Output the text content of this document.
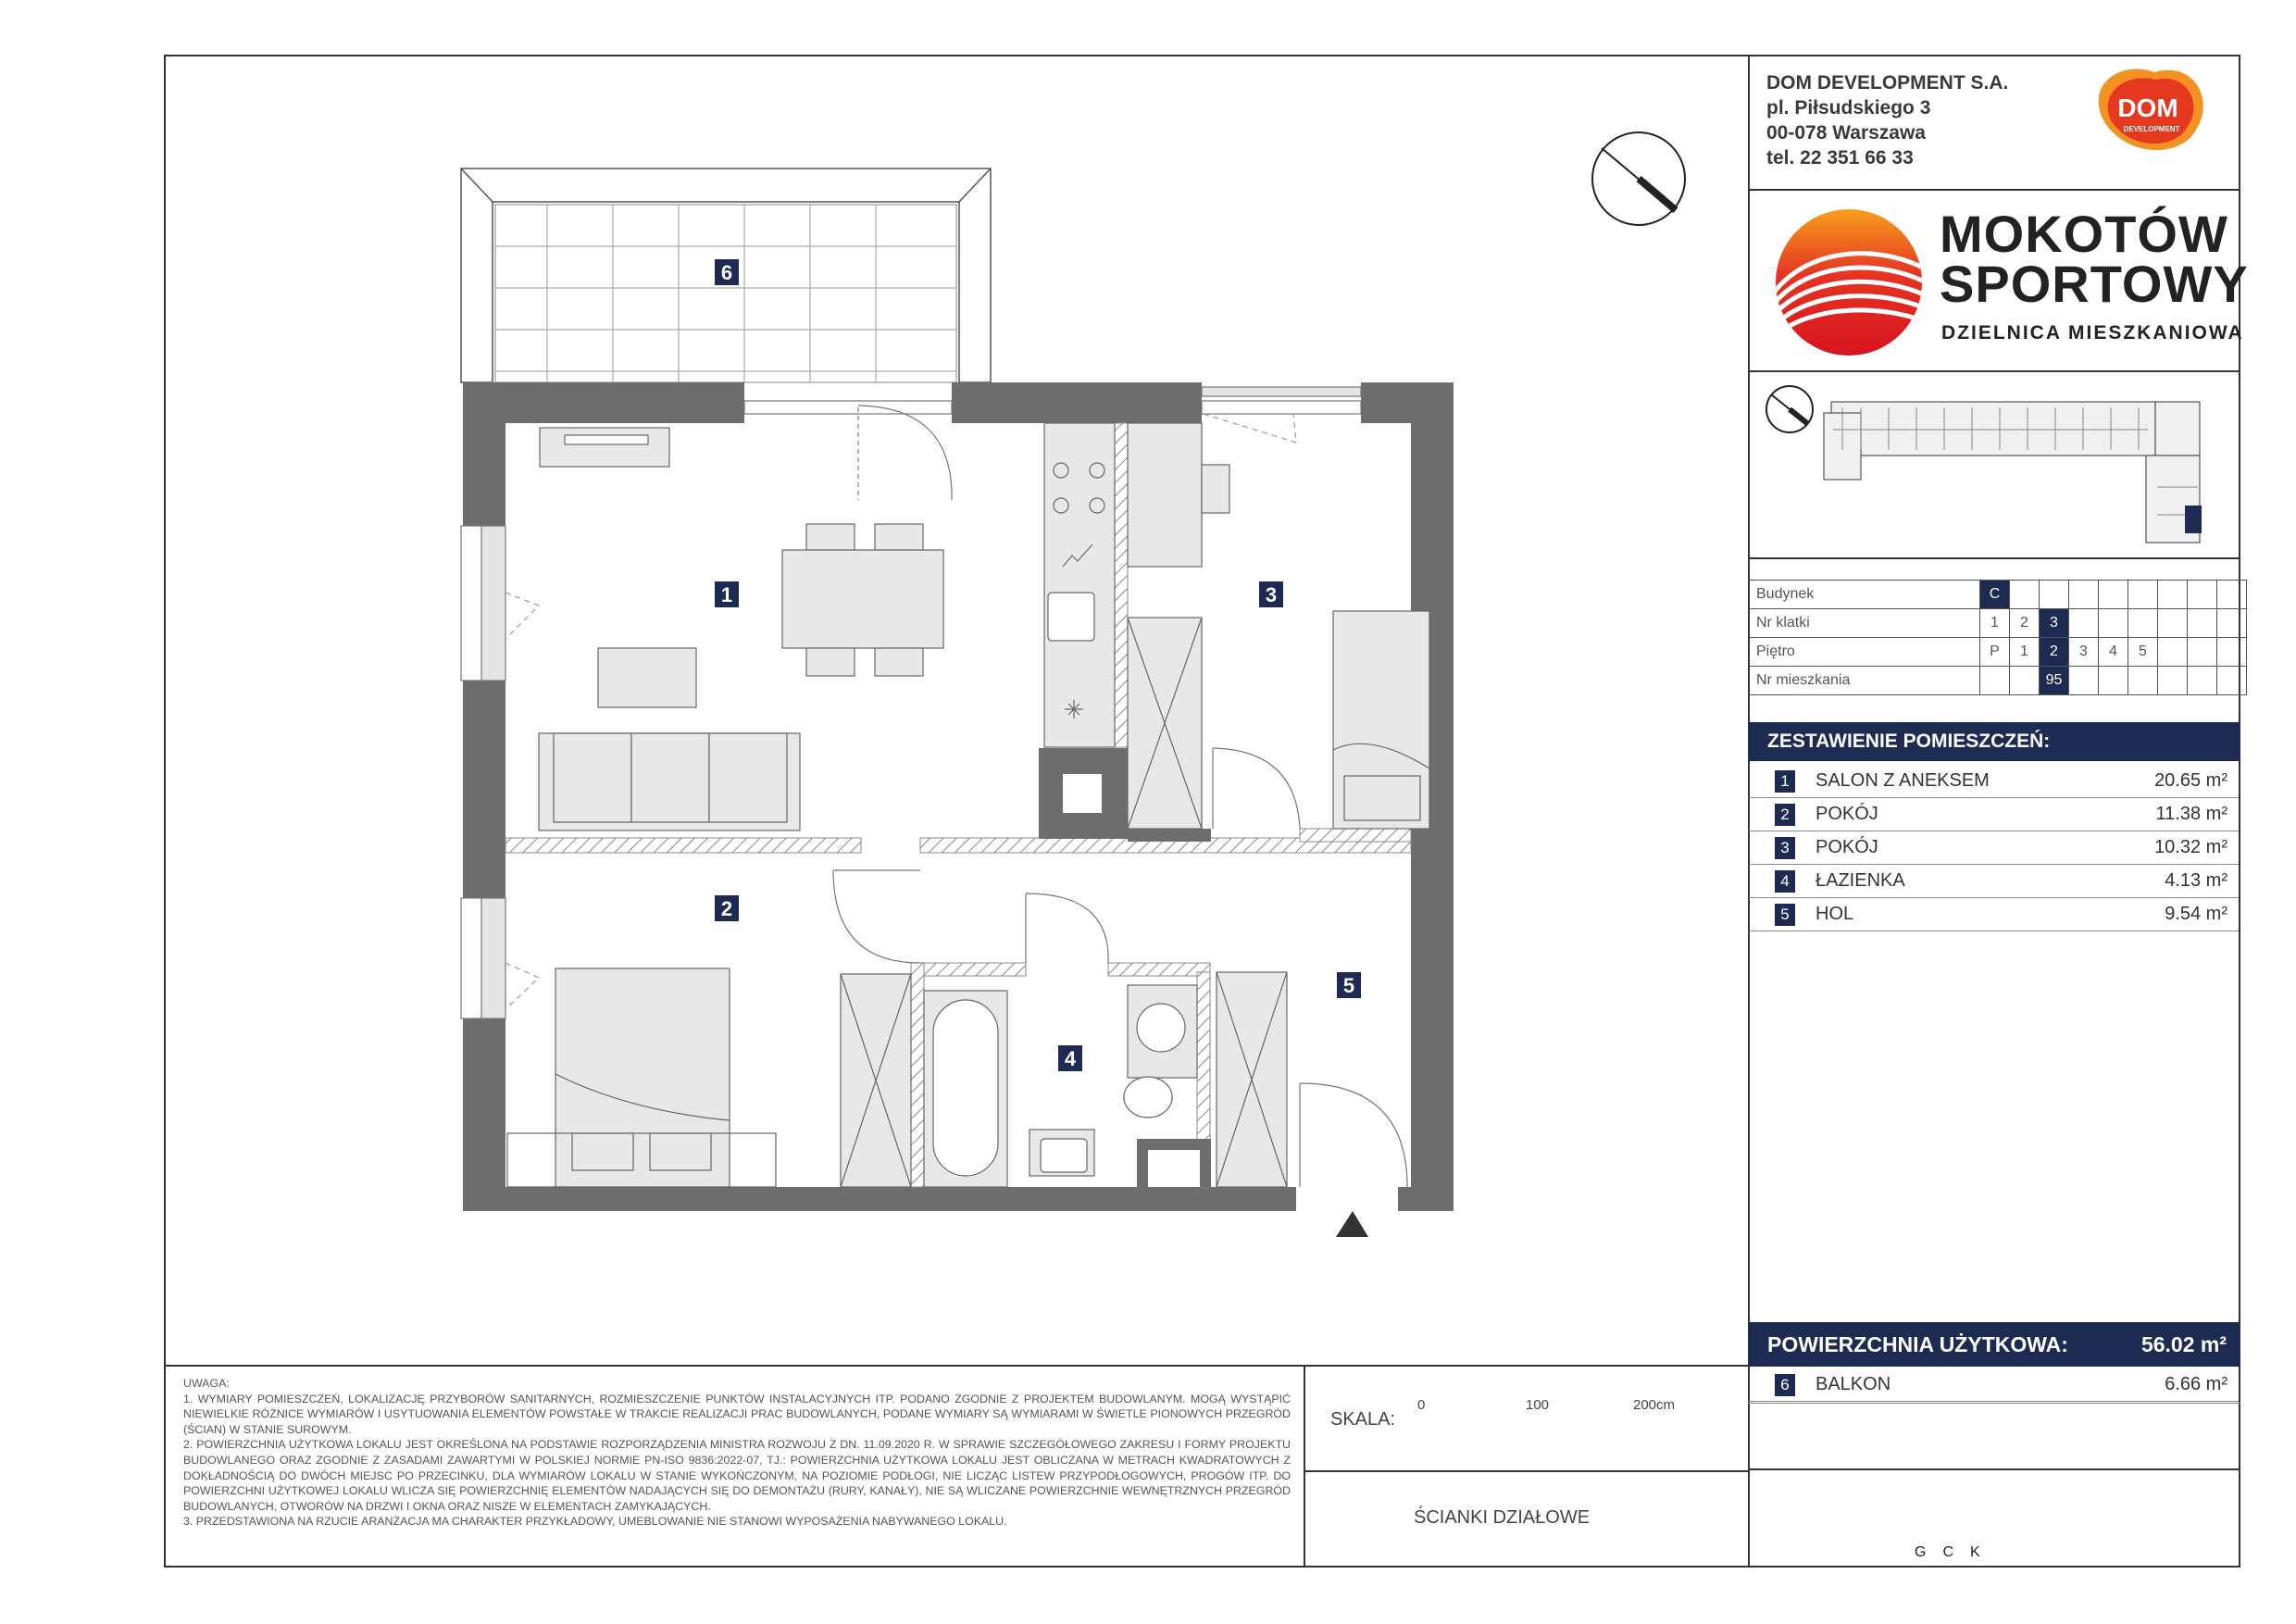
DOM DEVELOPMENT S.A.
pl. Piłsudskiego 3
00-078 Warszawa
tel. 22 351 66 33
DOM
DEVELOPMENT
MOKOTÓW
SPORTOWY
DZIELNICA MIESZKANIOWA
Budynek	C								
Nr klatki	1	2	3						
Piętro	P	1	2	3	4	5			
Nr mieszkania			95						
ZESTAWIENIE POMIESZCZEŃ:
1	SALON Z ANEKSEM	20.65 m²
2	POKÓJ	11.38 m²
3	POKÓJ	10.32 m²
4	ŁAZIENKA	4.13 m²
5	HOL	9.54 m²
POWIERZCHNIA UŻYTKOWA:	56.02 m²
6	BALKON	6.66 m²
1
2
3
4
5
6

UWAGA:

1. WYMIARY POMIESZCZEŃ, LOKALIZACJĘ PRZYBORÓW SANITARNYCH, ROZMIESZCZENIE PUNKTÓW INSTALACYJNYCH ITP. PODANO ZGODNIE Z PROJEKTEM BUDOWLANYM. MOGĄ WYSTĄPIĆ NIEWIELKIE RÓŻNICE WYMIARÓW I USYTUOWANIA ELEMENTÓW POWSTAŁE W TRAKCIE REALIZACJI PRAC BUDOWLANYCH, PODANE WYMIARY SĄ WYMIARAMI W ŚWIETLE PIONOWYCH PRZEGRÓD (ŚCIAN) W STANIE SUROWYM.

2. POWIERZCHNIA UŻYTKOWA LOKALU JEST OKREŚLONA NA PODSTAWIE ROZPORZĄDZENIA MINISTRA ROZWOJU Z DN. 11.09.2020 R. W SPRAWIE SZCZEGÓŁOWEGO ZAKRESU I FORMY PROJEKTU BUDOWLANEGO ORAZ ZGODNIE Z ZASADAMI ZAWARTYMI W POLSKIEJ NORMIE PN-ISO 9836:2022-07, TJ.: POWIERZCHNIA UŻYTKOWA LOKALU JEST OBLICZANA W METRACH KWADRATOWYCH Z DOKŁADNOŚCIĄ DO DWÓCH MIEJSC PO PRZECINKU, DLA WYMIARÓW LOKALU W STANIE WYKOŃCZONYM, NA POZIOMIE PODŁOGI, NIE LICZĄC LISTEW PRZYPODŁOGOWYCH, PROGÓW ITP. DO POWIERZCHNI UŻYTKOWEJ LOKALU WLICZA SIĘ POWIERZCHNIĘ ELEMENTÓW NADAJĄCYCH SIĘ DO DEMONTAŻU (RURY, KANAŁY), NIE SĄ WLICZANE POWIERZCHNIE WEWNĘTRZNYCH PRZEGRÓD BUDOWLANYCH, OTWORÓW NA DRZWI I OKNA ORAZ NISZE W ELEMENTACH ZAMYKAJĄCYCH.

3. PRZEDSTAWIONA NA RZUCIE ARANŻACJA MA CHARAKTER PRZYKŁADOWY, UMEBLOWANIE NIE STANOWI WYPOSAŻENIA NABYWANEGO LOKALU.

SKALA:
0	100	200cm
ŚCIANKI DZIAŁOWE
GCK
